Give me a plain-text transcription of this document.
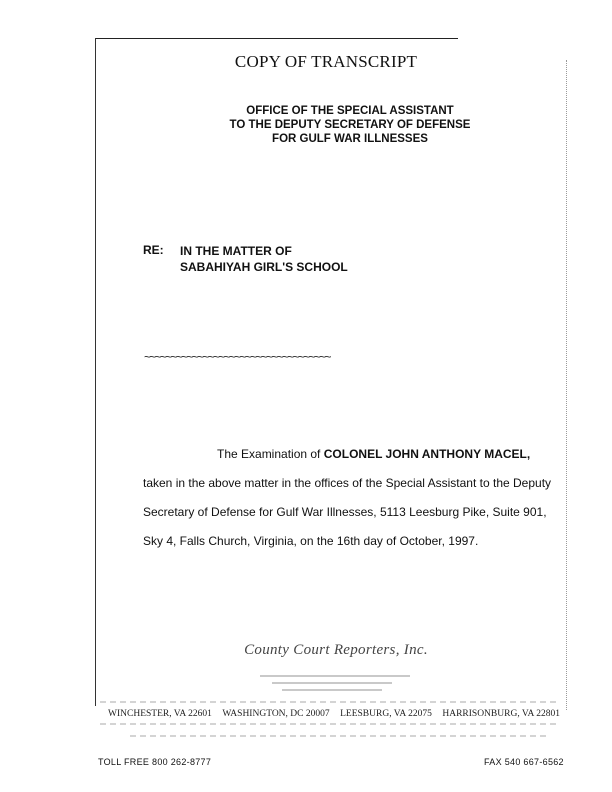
COPY OF TRANSCRIPT
OFFICE OF THE SPECIAL ASSISTANT
TO THE DEPUTY SECRETARY OF DEFENSE
FOR GULF WAR ILLNESSES
RE: IN THE MATTER OF
SABAHIYAH GIRL'S SCHOOL
~~~~~~~~~~~~~~~~~~~~~~~~~~~~~~~~~~~
The Examination of COLONEL JOHN ANTHONY MACEL,
taken in the above matter in the offices of the Special Assistant to the Deputy
Secretary of Defense for Gulf War Illnesses, 5113 Leesburg Pike, Suite 901,
Sky 4, Falls Church, Virginia, on the 16th day of October, 1997.
County Court Reporters, Inc.
WINCHESTER, VA 22601 WASHINGTON, DC 20007 LEESBURG, VA 22075 HARRISONBURG, VA 22801
TOLL FREE 800 262-8777	FAX 540 667-6562
